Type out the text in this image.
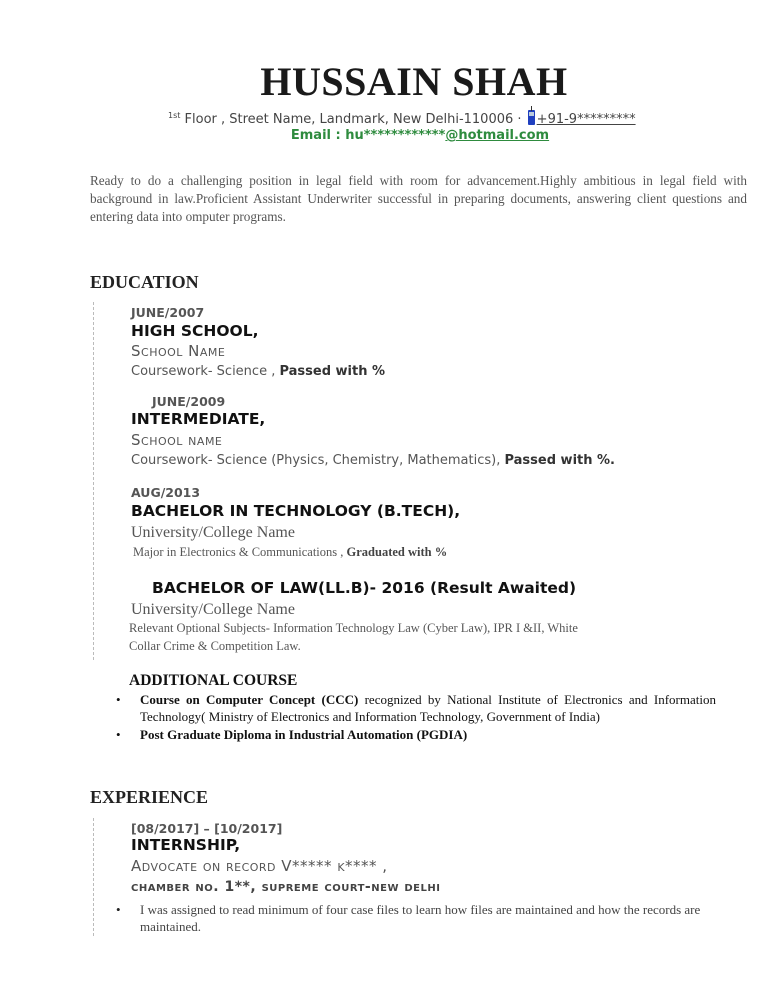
HUSSAIN SHAH
$^{1st}$ Floor , Street Name, Landmark, New Delhi-110006 · +91-9*********
Email : hu************@hotmail.com
Ready to do a challenging position in legal field with room for advancement.Highly ambitious in legal field with background in law.Proficient Assistant Underwriter successful in preparing documents, answering client questions and entering data into omputer programs.
EDUCATION
JUNE/2007
HIGH SCHOOL,
School Name
Coursework- Science , Passed with %
JUNE/2009
INTERMEDIATE,
School name
Coursework- Science (Physics, Chemistry, Mathematics), Passed with %.
AUG/2013
BACHELOR IN TECHNOLOGY (B.TECH),
University/College Name
Major in Electronics & Communications , Graduated with %
BACHELOR OF LAW(LL.B)- 2016 (Result Awaited)
University/College Name
Relevant Optional Subjects- Information Technology Law (Cyber Law), IPR I &II, White
Collar Crime & Competition Law.
ADDITIONAL COURSE
• Course on Computer Concept (CCC) recognized by National Institute of Electronics and Information Technology( Ministry of Electronics and Information Technology, Government of India)
• Post Graduate Diploma in Industrial Automation (PGDIA)
EXPERIENCE
[08/2017] – [10/2017]
INTERNSHIP,
Advocate on record V***** k**** ,
chamber no. 1**, supreme court-new delhi
• I was assigned to read minimum of four case files to learn how files are maintained and how the records are maintained.
